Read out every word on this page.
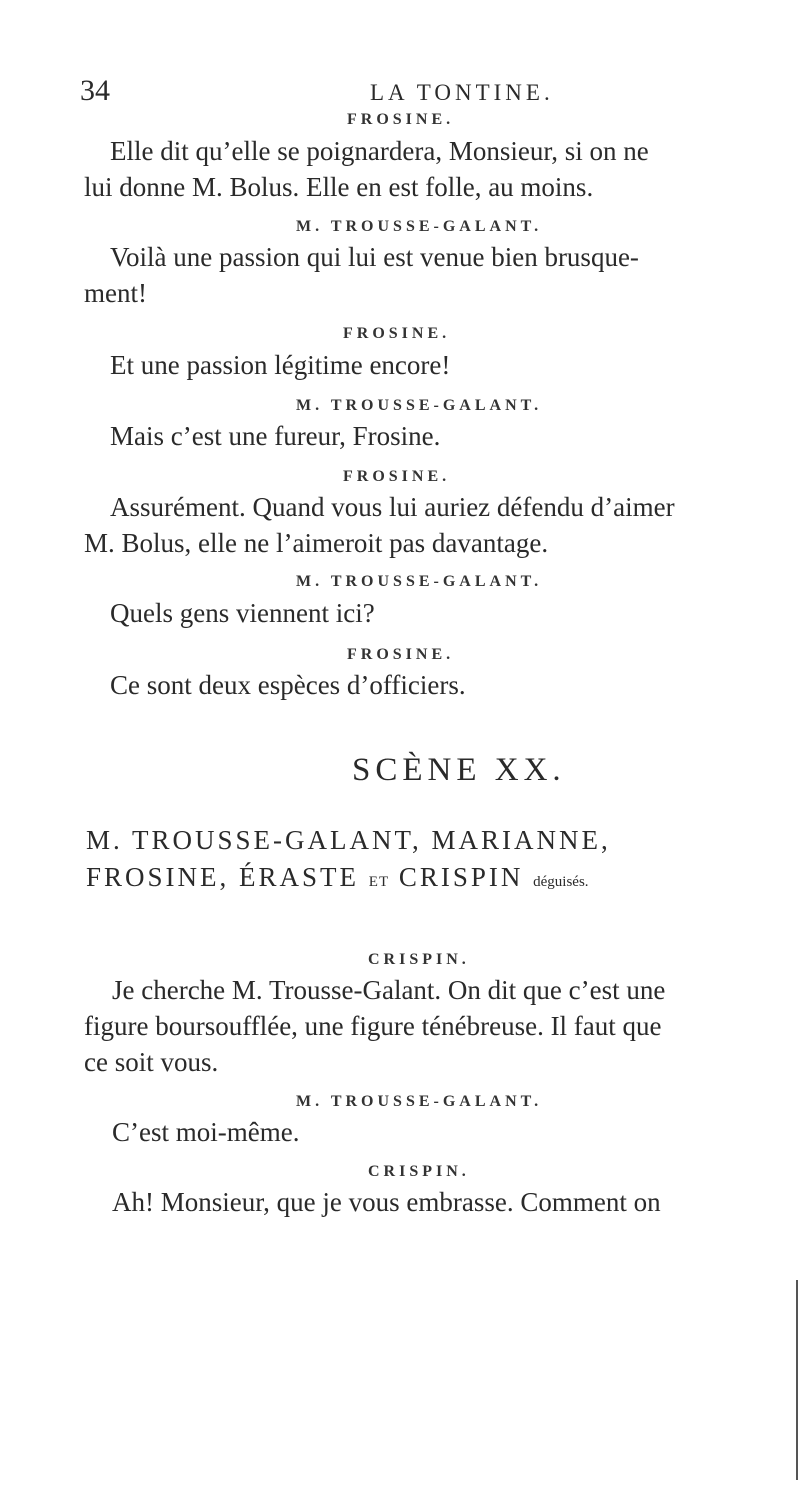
34	LA TONTINE.
FROSINE.
Elle dit qu’elle se poignardera, Monsieur, si on ne
lui donne M. Bolus. Elle en est folle, au moins.
M. TROUSSE-GALANT.
Voilà une passion qui lui est venue bien brusque-
ment!
FROSINE.
Et une passion légitime encore!
M. TROUSSE-GALANT.
Mais c’est une fureur, Frosine.
FROSINE.
Assurément. Quand vous lui auriez défendu d’aimer
M. Bolus, elle ne l’aimeroit pas davantage.
M. TROUSSE-GALANT.
Quels gens viennent ici?
FROSINE.
Ce sont deux espèces d’officiers.
SCÈNE XX.
M. TROUSSE-GALANT, MARIANNE,
FROSINE, ÉRASTE ET CRISPIN déguisés.
CRISPIN.
Je cherche M. Trousse-Galant. On dit que c’est une
figure boursoufflée, une figure ténébreuse. Il faut que
ce soit vous.
M. TROUSSE-GALANT.
C’est moi-même.
CRISPIN.
Ah! Monsieur, que je vous embrasse. Comment on
